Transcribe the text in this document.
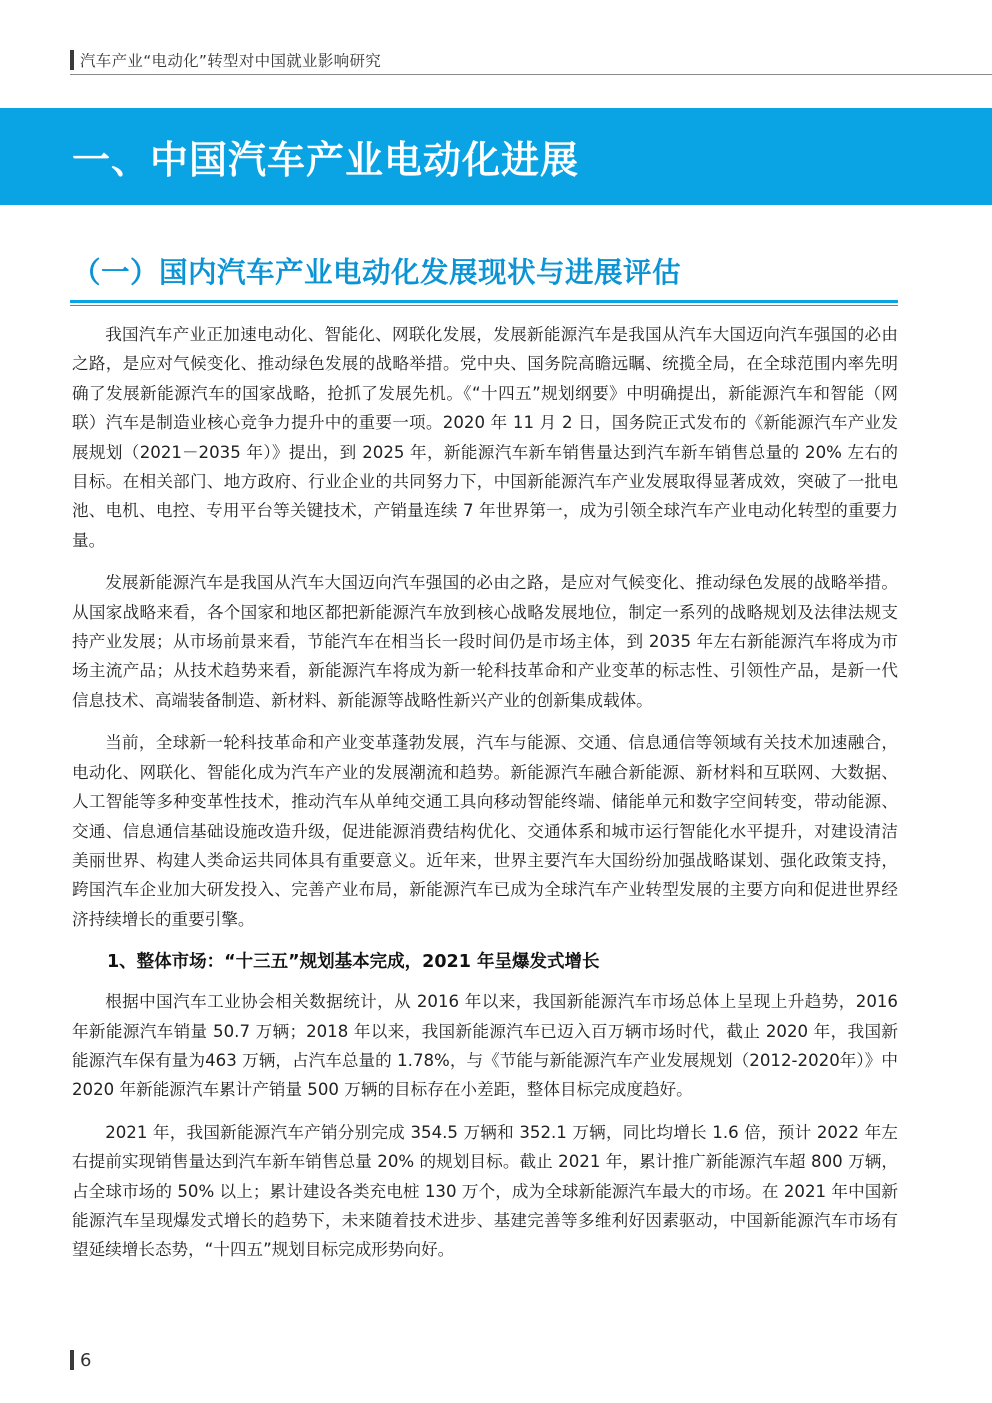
汽车产业“电动化”转型对中国就业影响研究
一、中国汽车产业电动化进展
（一）国内汽车产业电动化发展现状与进展评估

我国汽车产业正加速电动化、智能化、网联化发展，发展新能源汽车是我国从汽车大国迈向汽车强国的必由之路，是应对气候变化、推动绿色发展的战略举措。党中央、国务院高瞻远瞩、统揽全局，在全球范围内率先明确了发展新能源汽车的国家战略，抢抓了发展先机。《“十四五”规划纲要》中明确提出，新能源汽车和智能（网联）汽车是制造业核心竞争力提升中的重要一项。2020 年 11 月 2 日，国务院正式发布的《新能源汽车产业发展规划（2021－2035 年）》提出，到 2025 年，新能源汽车新车销售量达到汽车新车销售总量的 20% 左右的目标。在相关部门、地方政府、行业企业的共同努力下，中国新能源汽车产业发展取得显著成效，突破了一批电池、电机、电控、专用平台等关键技术，产销量连续 7 年世界第一，成为引领全球汽车产业电动化转型的重要力量。

发展新能源汽车是我国从汽车大国迈向汽车强国的必由之路，是应对气候变化、推动绿色发展的战略举措。从国家战略来看，各个国家和地区都把新能源汽车放到核心战略发展地位，制定一系列的战略规划及法律法规支持产业发展；从市场前景来看，节能汽车在相当长一段时间仍是市场主体，到 2035 年左右新能源汽车将成为市场主流产品；从技术趋势来看，新能源汽车将成为新一轮科技革命和产业变革的标志性、引领性产品，是新一代信息技术、高端装备制造、新材料、新能源等战略性新兴产业的创新集成载体。

当前，全球新一轮科技革命和产业变革蓬勃发展，汽车与能源、交通、信息通信等领域有关技术加速融合，电动化、网联化、智能化成为汽车产业的发展潮流和趋势。新能源汽车融合新能源、新材料和互联网、大数据、人工智能等多种变革性技术，推动汽车从单纯交通工具向移动智能终端、储能单元和数字空间转变，带动能源、交通、信息通信基础设施改造升级，促进能源消费结构优化、交通体系和城市运行智能化水平提升，对建设清洁美丽世界、构建人类命运共同体具有重要意义。近年来，世界主要汽车大国纷纷加强战略谋划、强化政策支持，跨国汽车企业加大研发投入、完善产业布局，新能源汽车已成为全球汽车产业转型发展的主要方向和促进世界经济持续增长的重要引擎。

1、整体市场：“十三五”规划基本完成，2021 年呈爆发式增长

根据中国汽车工业协会相关数据统计，从 2016 年以来，我国新能源汽车市场总体上呈现上升趋势，2016 年新能源汽车销量 50.7 万辆；2018 年以来，我国新能源汽车已迈入百万辆市场时代，截止 2020 年，我国新能源汽车保有量为463 万辆，占汽车总量的 1.78%，与《节能与新能源汽车产业发展规划（2012-2020年）》中 2020 年新能源汽车累计产销量 500 万辆的目标存在小差距，整体目标完成度趋好。

2021 年，我国新能源汽车产销分别完成 354.5 万辆和 352.1 万辆，同比均增长 1.6 倍，预计 2022 年左右提前实现销售量达到汽车新车销售总量 20% 的规划目标。截止 2021 年，累计推广新能源汽车超 800 万辆，占全球市场的 50% 以上；累计建设各类充电桩 130 万个，成为全球新能源汽车最大的市场。在 2021 年中国新能源汽车呈现爆发式增长的趋势下，未来随着技术进步、基建完善等多维利好因素驱动，中国新能源汽车市场有望延续增长态势，“十四五”规划目标完成形势向好。

6
